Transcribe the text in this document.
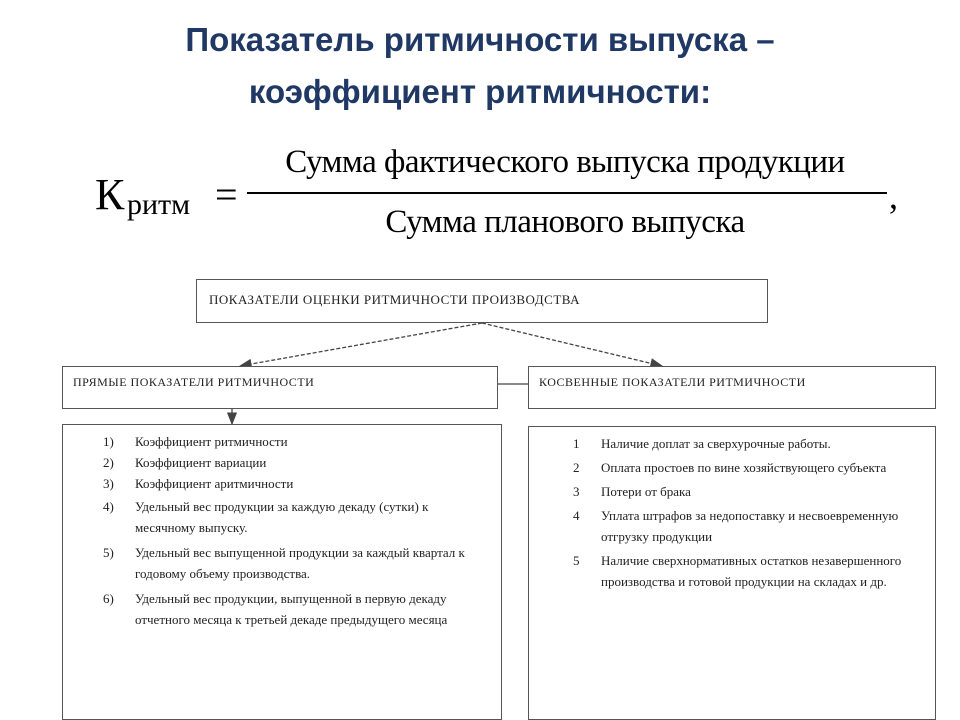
Показатель ритмичности выпуска –
коэффициент ритмичности:
К ритм =
Сумма фактического выпуска продукции
Сумма планового выпуска
,
ПОКАЗАТЕЛИ ОЦЕНКИ РИТМИЧНОСТИ ПРОИЗВОДСТВА
ПРЯМЫЕ ПОКАЗАТЕЛИ РИТМИЧНОСТИ	КОСВЕННЫЕ ПОКАЗАТЕЛИ РИТМИЧНОСТИ
1) Коэффициент ритмичности
2) Коэффициент вариации
3) Коэффициент аритмичности
4) Удельный вес продукции за каждую декаду (сутки) к месячному выпуску.
5) Удельный вес выпущенной продукции за каждый квартал к годовому объему производства.
6) Удельный вес продукции, выпущенной в первую декаду отчетного месяца к третьей декаде предыдущего месяца
1 Наличие доплат за сверхурочные работы.
2 Оплата простоев по вине хозяйствующего субъекта
3 Потери от брака
4 Уплата штрафов за недопоставку и несвоевременную отгрузку продукции
5 Наличие сверхнормативных остатков незавершенного производства и готовой продукции на складах и др.
